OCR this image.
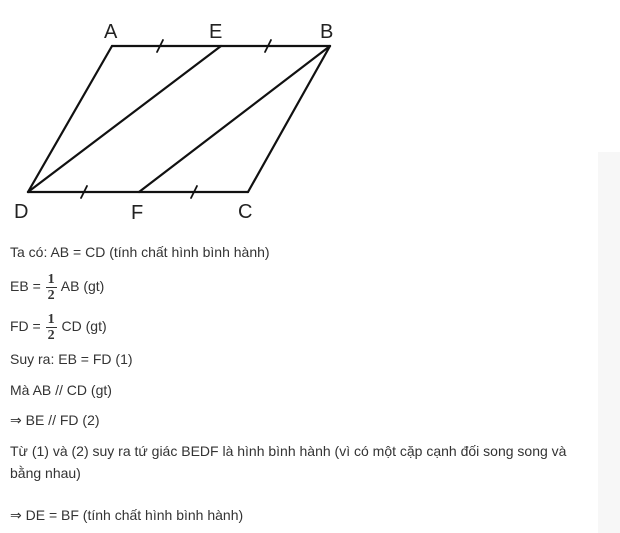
A	E	B
D	F	C
Ta có: AB = CD (tính chất hình bình hành)
EB = $\frac{1}{2}$ AB (gt)
FD = $\frac{1}{2}$ CD (gt)
Suy ra: EB = FD (1)
Mà AB // CD (gt)
⇒ BE // FD (2)
Từ (1) và (2) suy ra tứ giác BEDF là hình bình hành (vì có một cặp cạnh đối song song và bằng nhau)
⇒ DE = BF (tính chất hình bình hành)
